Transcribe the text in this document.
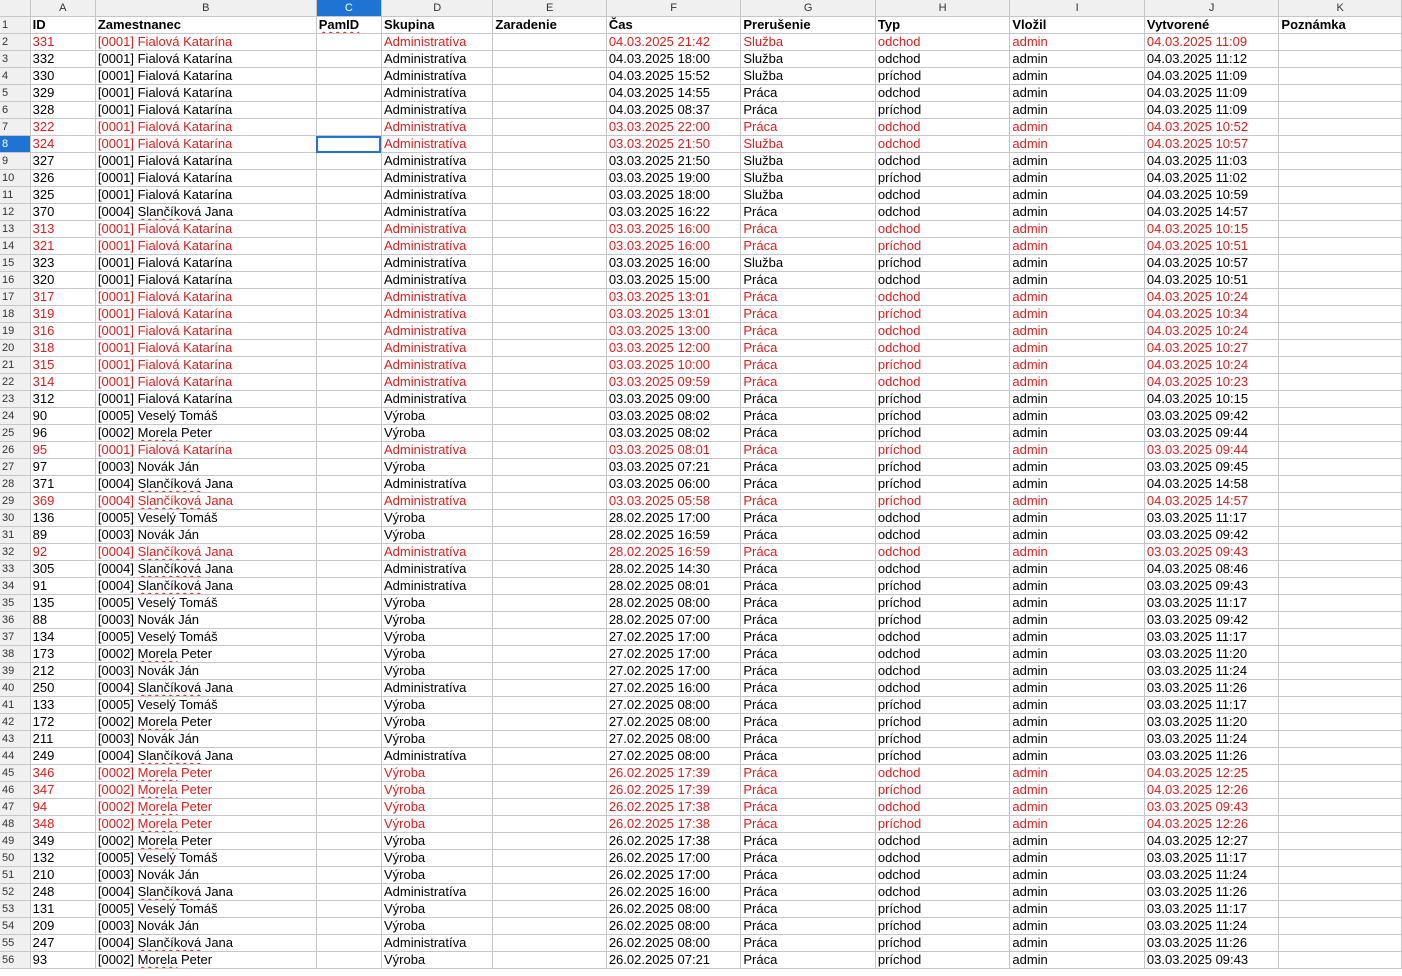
	A	B	C	D	E	F	G	H	I	J	K
1	ID	Zamestnanec	PamID	Skupina	Zaradenie	Čas	Prerušenie	Typ	Vložil	Vytvorené	Poznámka
2	331	[0001] Fialová Katarína		Administratíva		04.03.2025 21:42	Služba	odchod	admin	04.03.2025 11:09	
3	332	[0001] Fialová Katarína		Administratíva		04.03.2025 18:00	Služba	odchod	admin	04.03.2025 11:12	
4	330	[0001] Fialová Katarína		Administratíva		04.03.2025 15:52	Služba	príchod	admin	04.03.2025 11:09	
5	329	[0001] Fialová Katarína		Administratíva		04.03.2025 14:55	Práca	odchod	admin	04.03.2025 11:09	
6	328	[0001] Fialová Katarína		Administratíva		04.03.2025 08:37	Práca	príchod	admin	04.03.2025 11:09	
7	322	[0001] Fialová Katarína		Administratíva		03.03.2025 22:00	Práca	odchod	admin	04.03.2025 10:52	
8	324	[0001] Fialová Katarína		Administratíva		03.03.2025 21:50	Služba	odchod	admin	04.03.2025 10:57	
9	327	[0001] Fialová Katarína		Administratíva		03.03.2025 21:50	Služba	odchod	admin	04.03.2025 11:03	
10	326	[0001] Fialová Katarína		Administratíva		03.03.2025 19:00	Služba	príchod	admin	04.03.2025 11:02	
11	325	[0001] Fialová Katarína		Administratíva		03.03.2025 18:00	Služba	odchod	admin	04.03.2025 10:59	
12	370	[0004] Slančíková Jana		Administratíva		03.03.2025 16:22	Práca	odchod	admin	04.03.2025 14:57	
13	313	[0001] Fialová Katarína		Administratíva		03.03.2025 16:00	Práca	odchod	admin	04.03.2025 10:15	
14	321	[0001] Fialová Katarína		Administratíva		03.03.2025 16:00	Práca	príchod	admin	04.03.2025 10:51	
15	323	[0001] Fialová Katarína		Administratíva		03.03.2025 16:00	Služba	príchod	admin	04.03.2025 10:57	
16	320	[0001] Fialová Katarína		Administratíva		03.03.2025 15:00	Práca	odchod	admin	04.03.2025 10:51	
17	317	[0001] Fialová Katarína		Administratíva		03.03.2025 13:01	Práca	odchod	admin	04.03.2025 10:24	
18	319	[0001] Fialová Katarína		Administratíva		03.03.2025 13:01	Práca	príchod	admin	04.03.2025 10:34	
19	316	[0001] Fialová Katarína		Administratíva		03.03.2025 13:00	Práca	odchod	admin	04.03.2025 10:24	
20	318	[0001] Fialová Katarína		Administratíva		03.03.2025 12:00	Práca	odchod	admin	04.03.2025 10:27	
21	315	[0001] Fialová Katarína		Administratíva		03.03.2025 10:00	Práca	príchod	admin	04.03.2025 10:24	
22	314	[0001] Fialová Katarína		Administratíva		03.03.2025 09:59	Práca	odchod	admin	04.03.2025 10:23	
23	312	[0001] Fialová Katarína		Administratíva		03.03.2025 09:00	Práca	príchod	admin	04.03.2025 10:15	
24	90	[0005] Veselý Tomáš		Výroba		03.03.2025 08:02	Práca	príchod	admin	03.03.2025 09:42	
25	96	[0002] Morela Peter		Výroba		03.03.2025 08:02	Práca	príchod	admin	03.03.2025 09:44	
26	95	[0001] Fialová Katarína		Administratíva		03.03.2025 08:01	Práca	príchod	admin	03.03.2025 09:44	
27	97	[0003] Novák Ján		Výroba		03.03.2025 07:21	Práca	príchod	admin	03.03.2025 09:45	
28	371	[0004] Slančíková Jana		Administratíva		03.03.2025 06:00	Práca	príchod	admin	04.03.2025 14:58	
29	369	[0004] Slančíková Jana		Administratíva		03.03.2025 05:58	Práca	príchod	admin	04.03.2025 14:57	
30	136	[0005] Veselý Tomáš		Výroba		28.02.2025 17:00	Práca	odchod	admin	03.03.2025 11:17	
31	89	[0003] Novák Ján		Výroba		28.02.2025 16:59	Práca	odchod	admin	03.03.2025 09:42	
32	92	[0004] Slančíková Jana		Administratíva		28.02.2025 16:59	Práca	odchod	admin	03.03.2025 09:43	
33	305	[0004] Slančíková Jana		Administratíva		28.02.2025 14:30	Práca	odchod	admin	04.03.2025 08:46	
34	91	[0004] Slančíková Jana		Administratíva		28.02.2025 08:01	Práca	príchod	admin	03.03.2025 09:43	
35	135	[0005] Veselý Tomáš		Výroba		28.02.2025 08:00	Práca	príchod	admin	03.03.2025 11:17	
36	88	[0003] Novák Ján		Výroba		28.02.2025 07:00	Práca	príchod	admin	03.03.2025 09:42	
37	134	[0005] Veselý Tomáš		Výroba		27.02.2025 17:00	Práca	odchod	admin	03.03.2025 11:17	
38	173	[0002] Morela Peter		Výroba		27.02.2025 17:00	Práca	odchod	admin	03.03.2025 11:20	
39	212	[0003] Novák Ján		Výroba		27.02.2025 17:00	Práca	odchod	admin	03.03.2025 11:24	
40	250	[0004] Slančíková Jana		Administratíva		27.02.2025 16:00	Práca	odchod	admin	03.03.2025 11:26	
41	133	[0005] Veselý Tomáš		Výroba		27.02.2025 08:00	Práca	príchod	admin	03.03.2025 11:17	
42	172	[0002] Morela Peter		Výroba		27.02.2025 08:00	Práca	príchod	admin	03.03.2025 11:20	
43	211	[0003] Novák Ján		Výroba		27.02.2025 08:00	Práca	príchod	admin	03.03.2025 11:24	
44	249	[0004] Slančíková Jana		Administratíva		27.02.2025 08:00	Práca	príchod	admin	03.03.2025 11:26	
45	346	[0002] Morela Peter		Výroba		26.02.2025 17:39	Práca	odchod	admin	04.03.2025 12:25	
46	347	[0002] Morela Peter		Výroba		26.02.2025 17:39	Práca	príchod	admin	04.03.2025 12:26	
47	94	[0002] Morela Peter		Výroba		26.02.2025 17:38	Práca	odchod	admin	03.03.2025 09:43	
48	348	[0002] Morela Peter		Výroba		26.02.2025 17:38	Práca	príchod	admin	04.03.2025 12:26	
49	349	[0002] Morela Peter		Výroba		26.02.2025 17:38	Práca	odchod	admin	04.03.2025 12:27	
50	132	[0005] Veselý Tomáš		Výroba		26.02.2025 17:00	Práca	odchod	admin	03.03.2025 11:17	
51	210	[0003] Novák Ján		Výroba		26.02.2025 17:00	Práca	odchod	admin	03.03.2025 11:24	
52	248	[0004] Slančíková Jana		Administratíva		26.02.2025 16:00	Práca	odchod	admin	03.03.2025 11:26	
53	131	[0005] Veselý Tomáš		Výroba		26.02.2025 08:00	Práca	príchod	admin	03.03.2025 11:17	
54	209	[0003] Novák Ján		Výroba		26.02.2025 08:00	Práca	príchod	admin	03.03.2025 11:24	
55	247	[0004] Slančíková Jana		Administratíva		26.02.2025 08:00	Práca	príchod	admin	03.03.2025 11:26	
56	93	[0002] Morela Peter		Výroba		26.02.2025 07:21	Práca	príchod	admin	03.03.2025 09:43	
